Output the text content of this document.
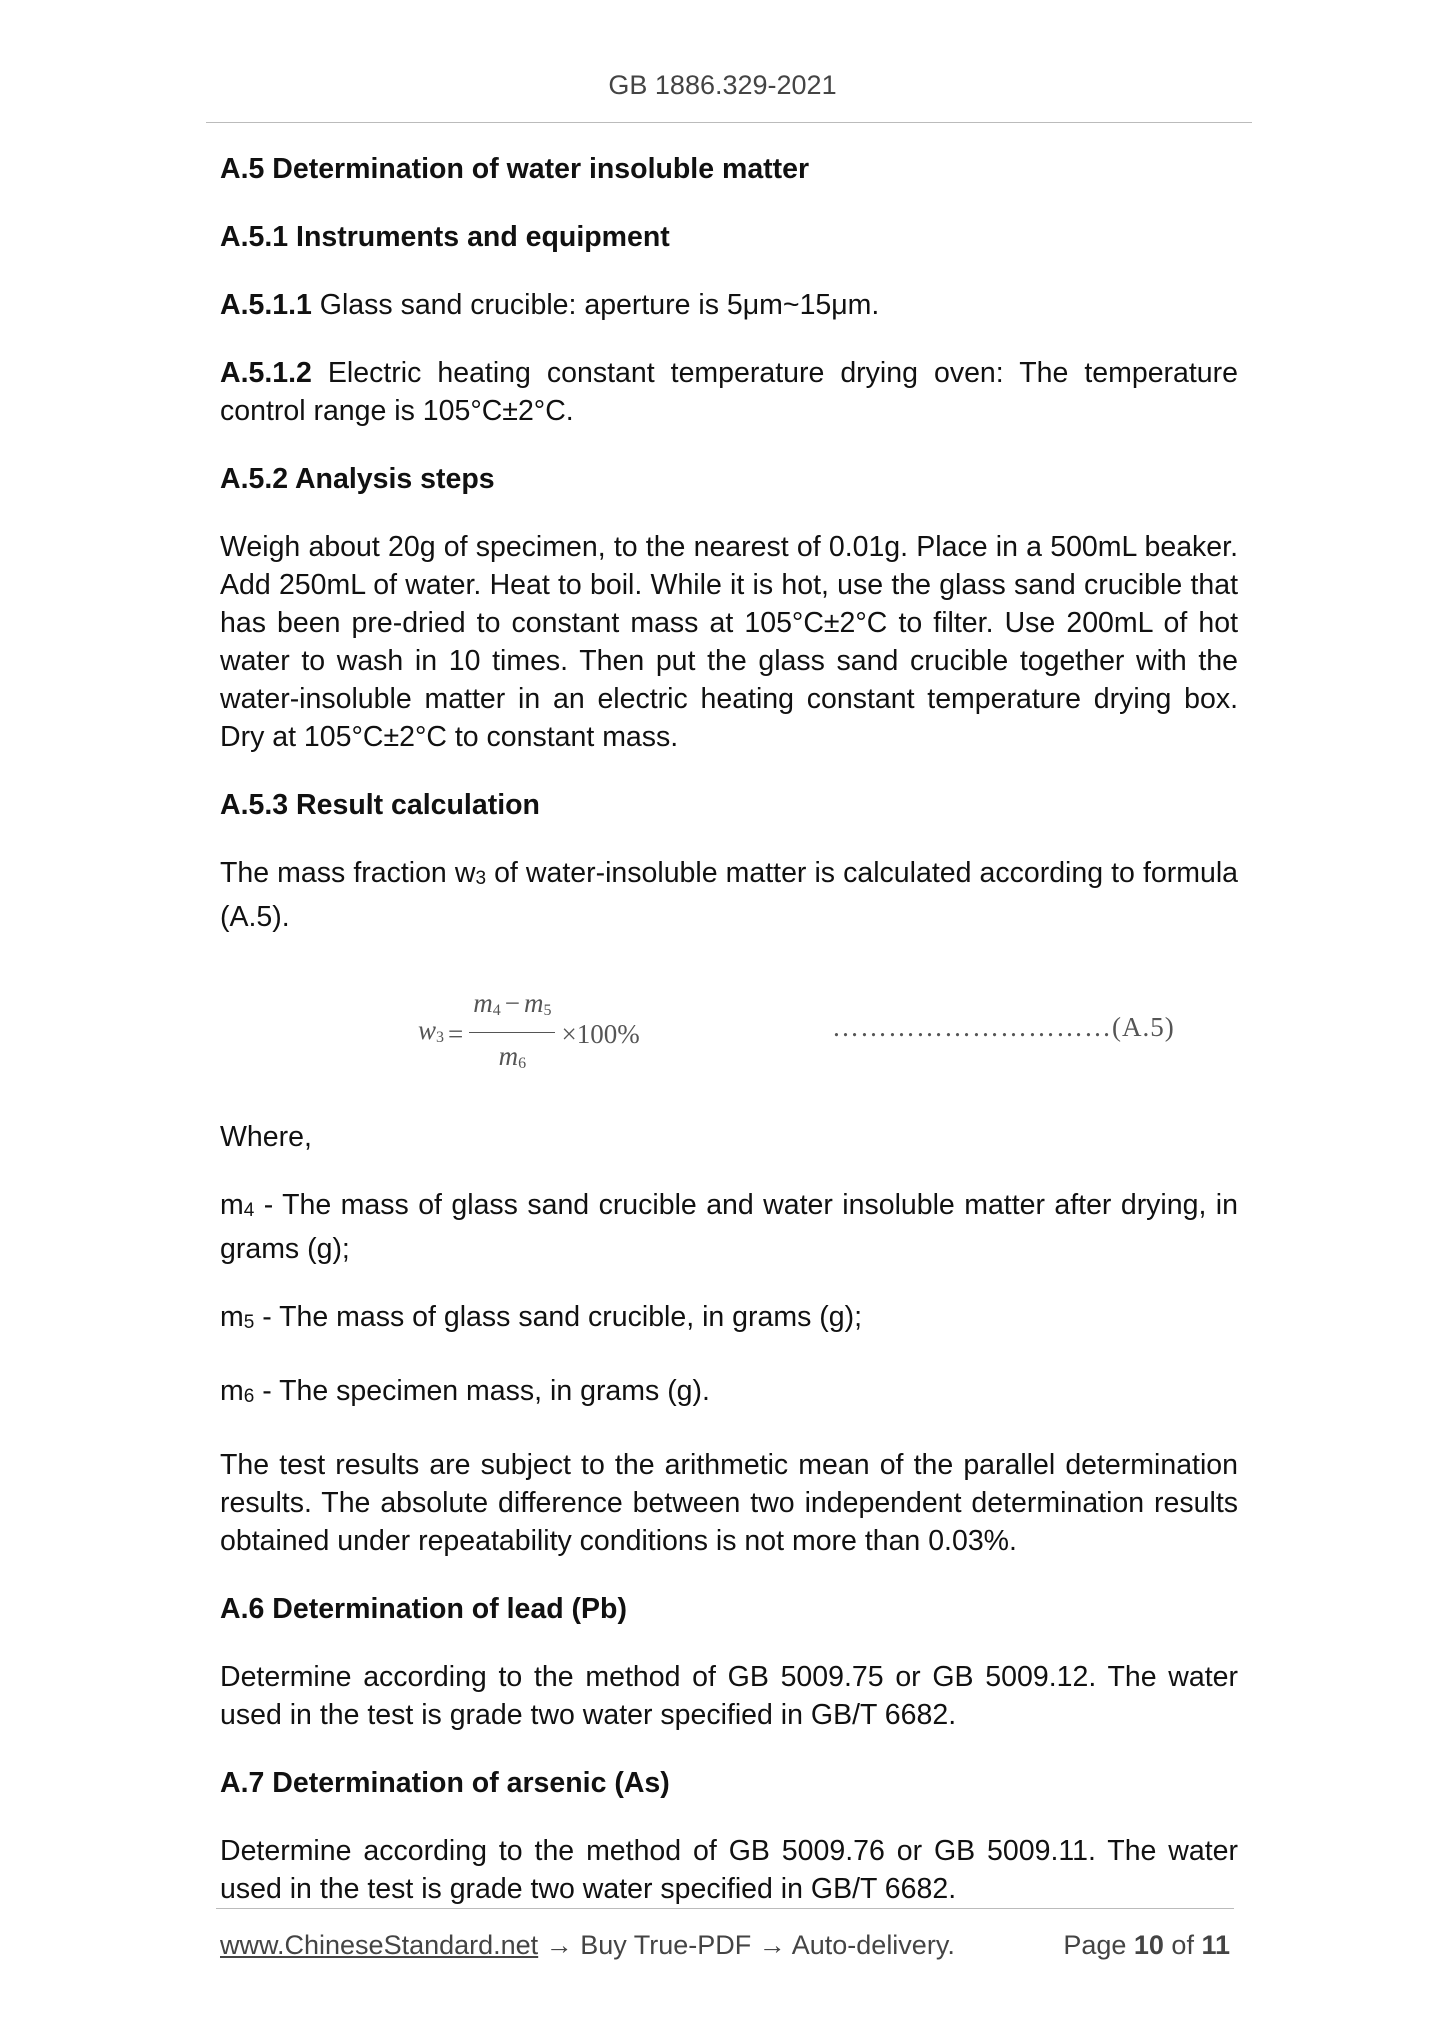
GB 1886.329-2021
A.5 Determination of water insoluble matter
A.5.1 Instruments and equipment

A.5.1.1 Glass sand crucible: aperture is 5μm~15μm.

A.5.1.2 Electric heating constant temperature drying oven: The temperature control range is 105°C±2°C.

A.5.2 Analysis steps

Weigh about 20g of specimen, to the nearest of 0.01g. Place in a 500mL beaker. Add 250mL of water. Heat to boil. While it is hot, use the glass sand crucible that has been pre-dried to constant mass at 105°C±2°C to filter. Use 200mL of hot water to wash in 10 times. Then put the glass sand crucible together with the water-insoluble matter in an electric heating constant temperature drying box. Dry at 105°C±2°C to constant mass.

A.5.3 Result calculation

The mass fraction $w_3$ of water-insoluble matter is calculated according to formula (A.5).

$w3 = \frac{m4 - m5}{m6} \times 100\%$	…………………………(A.5)

Where,

$m_4$ - The mass of glass sand crucible and water insoluble matter after drying, in grams (g);

$m_5$ - The mass of glass sand crucible, in grams (g);

$m_6$ - The specimen mass, in grams (g).

The test results are subject to the arithmetic mean of the parallel determination results. The absolute difference between two independent determination results obtained under repeatability conditions is not more than 0.03%.

A.6 Determination of lead (Pb)

Determine according to the method of GB 5009.75 or GB 5009.12. The water used in the test is grade two water specified in GB/T 6682.

A.7 Determination of arsenic (As)

Determine according to the method of GB 5009.76 or GB 5009.11. The water used in the test is grade two water specified in GB/T 6682.

www.ChineseStandard.net → Buy True-PDF → Auto-delivery.	Page 10 of 11
